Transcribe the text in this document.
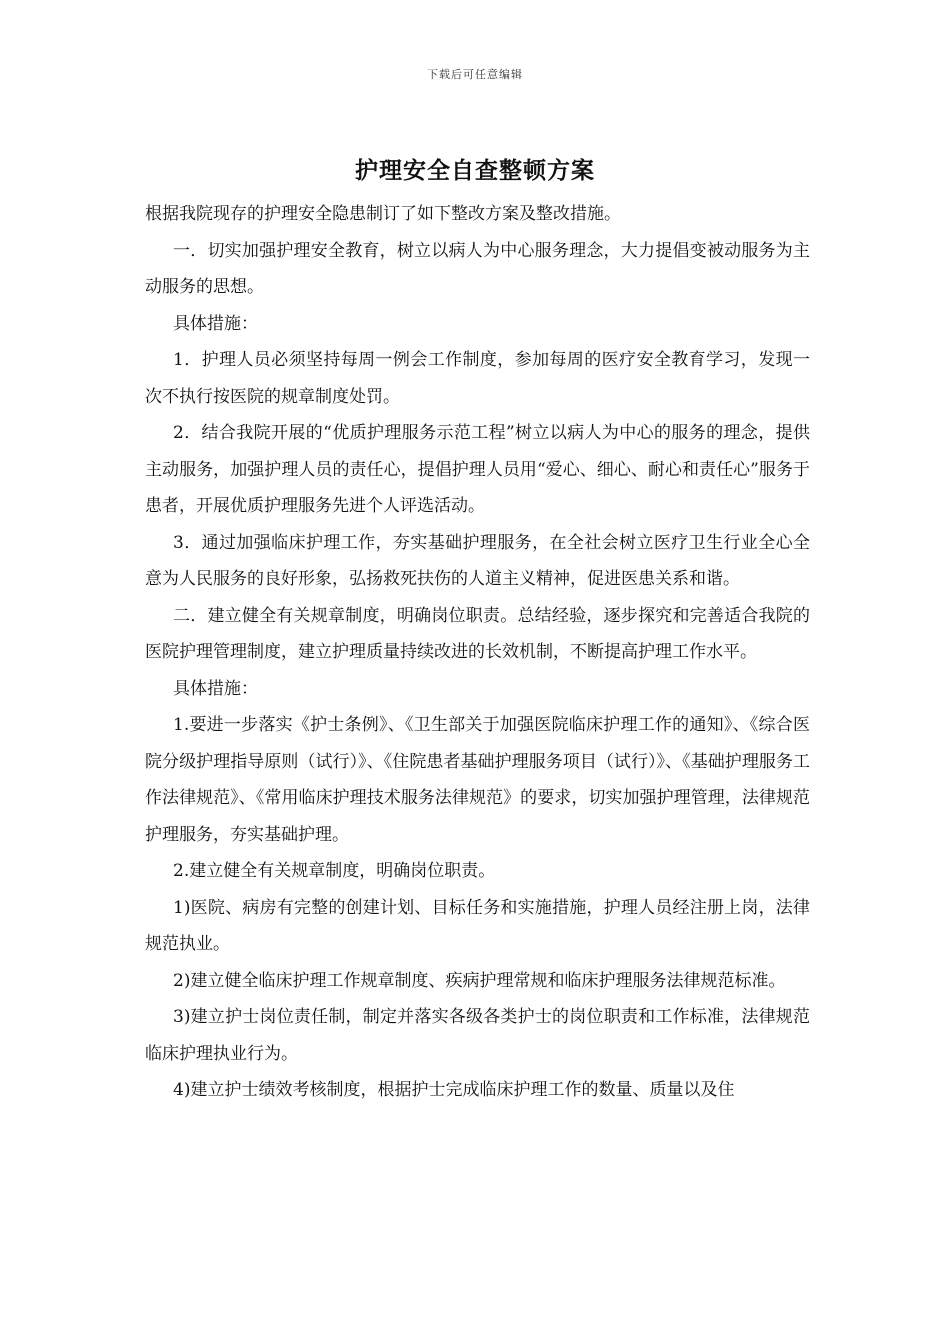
下载后可任意编辑
护理安全自查整顿方案

根据我院现存的护理安全隐患制订了如下整改方案及整改措施。

一．切实加强护理安全教育，树立以病人为中心服务理念，大力提倡变被动服务为主动服务的思想。

具体措施：

1．护理人员必须坚持每周一例会工作制度，参加每周的医疗安全教育学习，发现一次不执行按医院的规章制度处罚。

2．结合我院开展的“优质护理服务示范工程”树立以病人为中心的服务的理念，提供主动服务，加强护理人员的责任心，提倡护理人员用“爱心、细心、耐心和责任心”服务于患者，开展优质护理服务先进个人评选活动。

3．通过加强临床护理工作，夯实基础护理服务，在全社会树立医疗卫生行业全心全意为人民服务的良好形象，弘扬救死扶伤的人道主义精神，促进医患关系和谐。

二．建立健全有关规章制度，明确岗位职责。总结经验，逐步探究和完善适合我院的医院护理管理制度，建立护理质量持续改进的长效机制，不断提高护理工作水平。

具体措施：

1.要进一步落实《护士条例》、《卫生部关于加强医院临床护理工作的通知》、《综合医院分级护理指导原则（试行）》、《住院患者基础护理服务项目（试行）》、《基础护理服务工作法律规范》、《常用临床护理技术服务法律规范》的要求，切实加强护理管理，法律规范护理服务，夯实基础护理。

2.建立健全有关规章制度，明确岗位职责。

1)医院、病房有完整的创建计划、目标任务和实施措施，护理人员经注册上岗，法律规范执业。

2)建立健全临床护理工作规章制度、疾病护理常规和临床护理服务法律规范标准。

3)建立护士岗位责任制，制定并落实各级各类护士的岗位职责和工作标准，法律规范临床护理执业行为。

4)建立护士绩效考核制度，根据护士完成临床护理工作的数量、质量以及住
